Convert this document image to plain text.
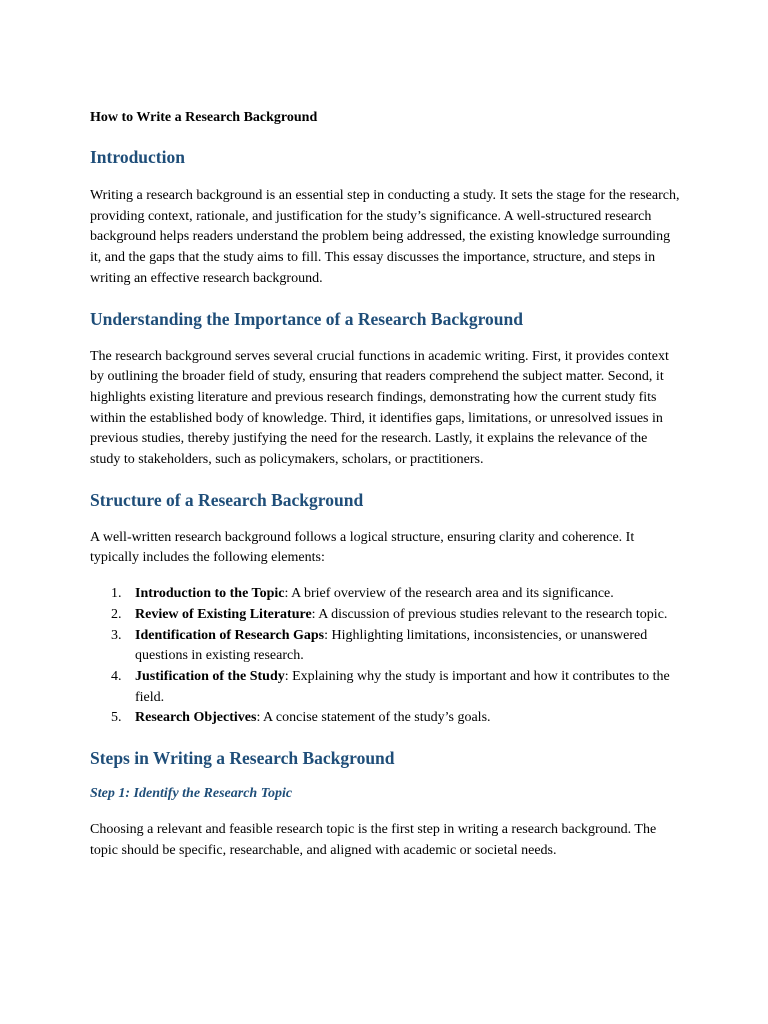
How to Write a Research Background

Introduction

Writing a research background is an essential step in conducting a study. It sets the stage for the research, providing context, rationale, and justification for the study’s significance. A well-structured research background helps readers understand the problem being addressed, the existing knowledge surrounding it, and the gaps that the study aims to fill. This essay discusses the importance, structure, and steps in writing an effective research background.

Understanding the Importance of a Research Background

The research background serves several crucial functions in academic writing. First, it provides context by outlining the broader field of study, ensuring that readers comprehend the subject matter. Second, it highlights existing literature and previous research findings, demonstrating how the current study fits within the established body of knowledge. Third, it identifies gaps, limitations, or unresolved issues in previous studies, thereby justifying the need for the research. Lastly, it explains the relevance of the study to stakeholders, such as policymakers, scholars, or practitioners.

Structure of a Research Background

A well-written research background follows a logical structure, ensuring clarity and coherence. It typically includes the following elements:

1. Introduction to the Topic: A brief overview of the research area and its significance.
2. Review of Existing Literature: A discussion of previous studies relevant to the research topic.
3. Identification of Research Gaps: Highlighting limitations, inconsistencies, or unanswered questions in existing research.
4. Justification of the Study: Explaining why the study is important and how it contributes to the field.
5. Research Objectives: A concise statement of the study’s goals.
Steps in Writing a Research Background
Step 1: Identify the Research Topic

Choosing a relevant and feasible research topic is the first step in writing a research background. The topic should be specific, researchable, and aligned with academic or societal needs.
